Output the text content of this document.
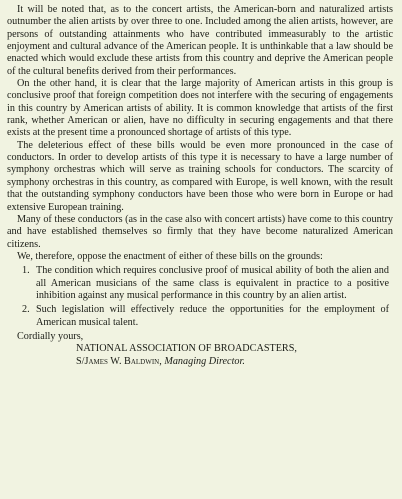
It will be noted that, as to the concert artists, the American-born and naturalized artists outnumber the alien artists by over three to one. Included among the alien artists, however, are persons of outstanding attainments who have contributed immeasurably to the artistic enjoyment and cultural advance of the American people. It is unthinkable that a law should be enacted which would exclude these artists from this country and deprive the American people of the cultural benefits derived from their performances.

On the other hand, it is clear that the large majority of American artists in this group is conclusive proof that foreign competition does not interfere with the securing of engagements in this country by American artists of ability. It is common knowledge that artists of the first rank, whether American or alien, have no difficulty in securing engagements and that there exists at the present time a pronounced shortage of artists of this type.

The deleterious effect of these bills would be even more pronounced in the case of conductors. In order to develop artists of this type it is necessary to have a large number of symphony orchestras which will serve as training schools for conductors. The scarcity of symphony orchestras in this country, as compared with Europe, is well known, with the result that the outstanding symphony conductors have been those who were born in Europe or had extensive European training.

Many of these conductors (as in the case also with concert artists) have come to this country and have established themselves so firmly that they have become naturalized American citizens.

We, therefore, oppose the enactment of either of these bills on the grounds:

1. The condition which requires conclusive proof of musical ability of both the alien and all American musicians of the same class is equivalent in practice to a positive inhibition against any musical performance in this country by an alien artist.
2. Such legislation will effectively reduce the opportunities for the employment of American musical talent.

Cordially yours,

NATIONAL ASSOCIATION OF BROADCASTERS,
S/James W. Baldwin, Managing Director.
